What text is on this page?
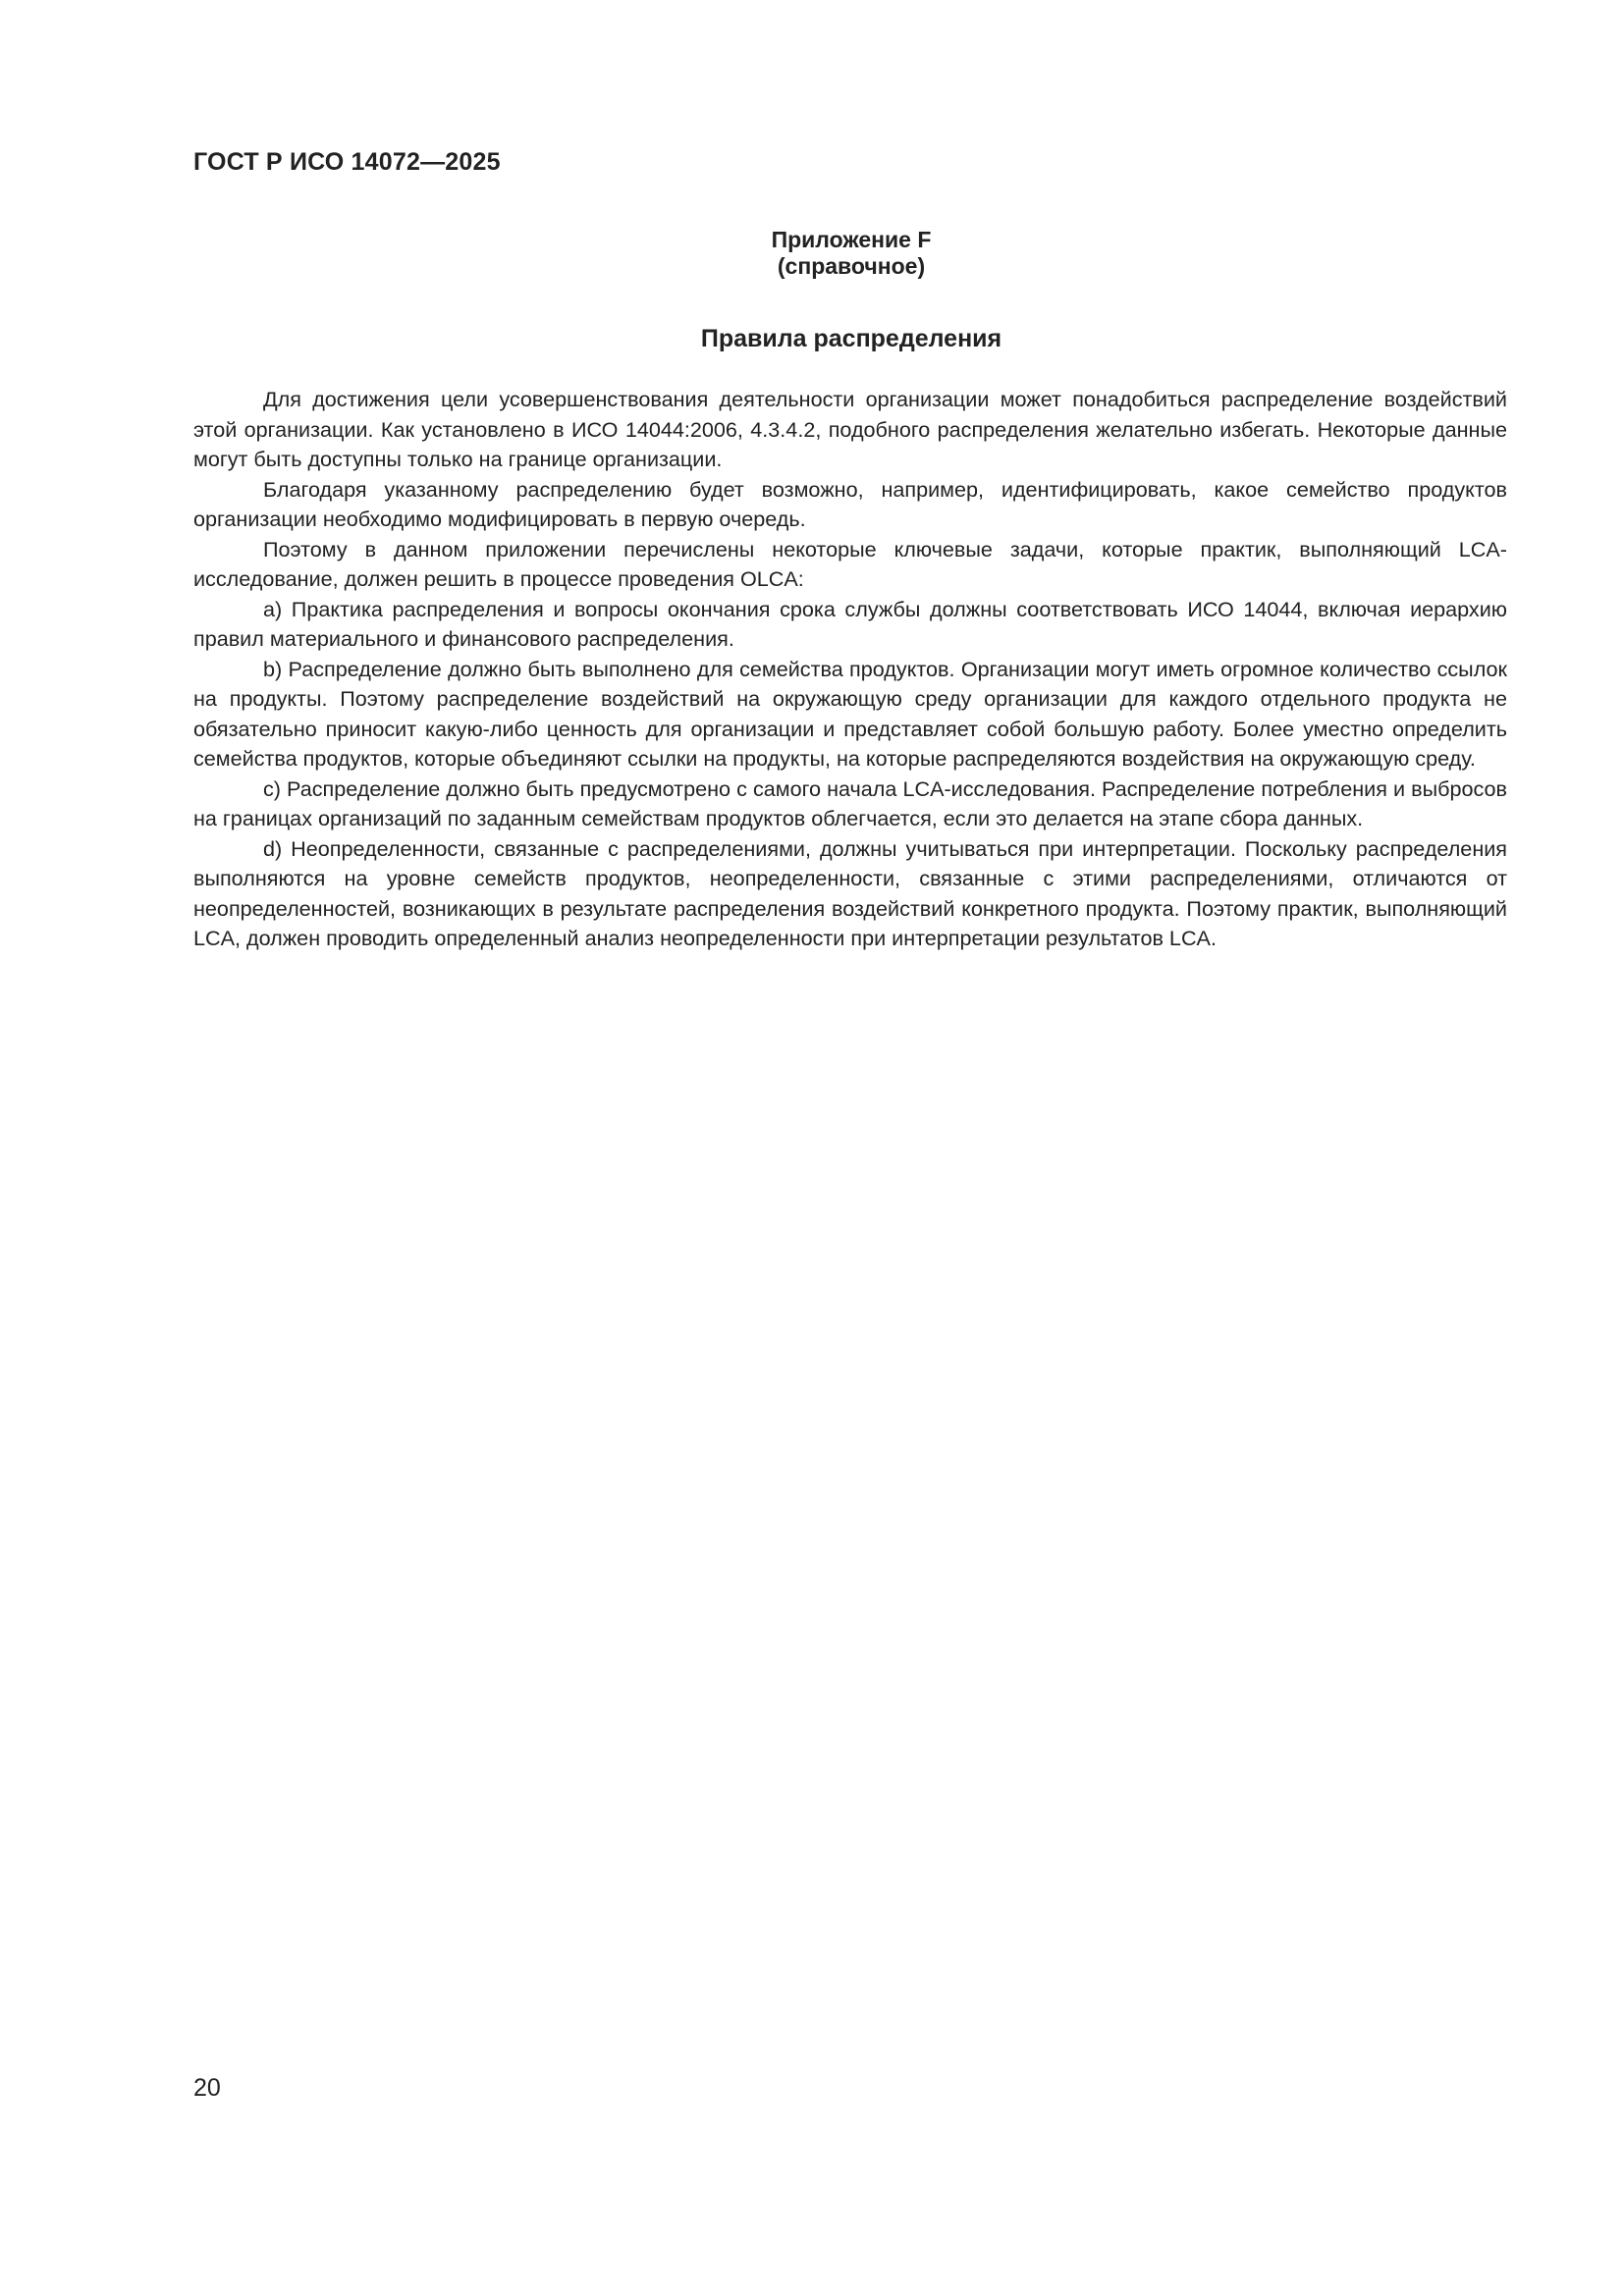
ГОСТ Р ИСО 14072—2025
Приложение F
(справочное)
Правила распределения

Для достижения цели усовершенствования деятельности организации может понадобиться распределение воздействий этой организации. Как установлено в ИСО 14044:2006, 4.3.4.2, подобного распределения желательно избегать. Некоторые данные могут быть доступны только на границе организации.

Благодаря указанному распределению будет возможно, например, идентифицировать, какое семейство продуктов организации необходимо модифицировать в первую очередь.

Поэтому в данном приложении перечислены некоторые ключевые задачи, которые практик, выполняющий LCA-исследование, должен решить в процессе проведения OLCA:

a) Практика распределения и вопросы окончания срока службы должны соответствовать ИСО 14044, включая иерархию правил материального и финансового распределения.

b) Распределение должно быть выполнено для семейства продуктов. Организации могут иметь огромное количество ссылок на продукты. Поэтому распределение воздействий на окружающую среду организации для каждого отдельного продукта не обязательно приносит какую-либо ценность для организации и представляет собой большую работу. Более уместно определить семейства продуктов, которые объединяют ссылки на продукты, на которые распределяются воздействия на окружающую среду.

c) Распределение должно быть предусмотрено с самого начала LCA-исследования. Распределение потребления и выбросов на границах организаций по заданным семействам продуктов облегчается, если это делается на этапе сбора данных.

d) Неопределенности, связанные с распределениями, должны учитываться при интерпретации. Поскольку распределения выполняются на уровне семейств продуктов, неопределенности, связанные с этими распределениями, отличаются от неопределенностей, возникающих в результате распределения воздействий конкретного продукта. Поэтому практик, выполняющий LCA, должен проводить определенный анализ неопределенности при интерпретации результатов LCA.

20
